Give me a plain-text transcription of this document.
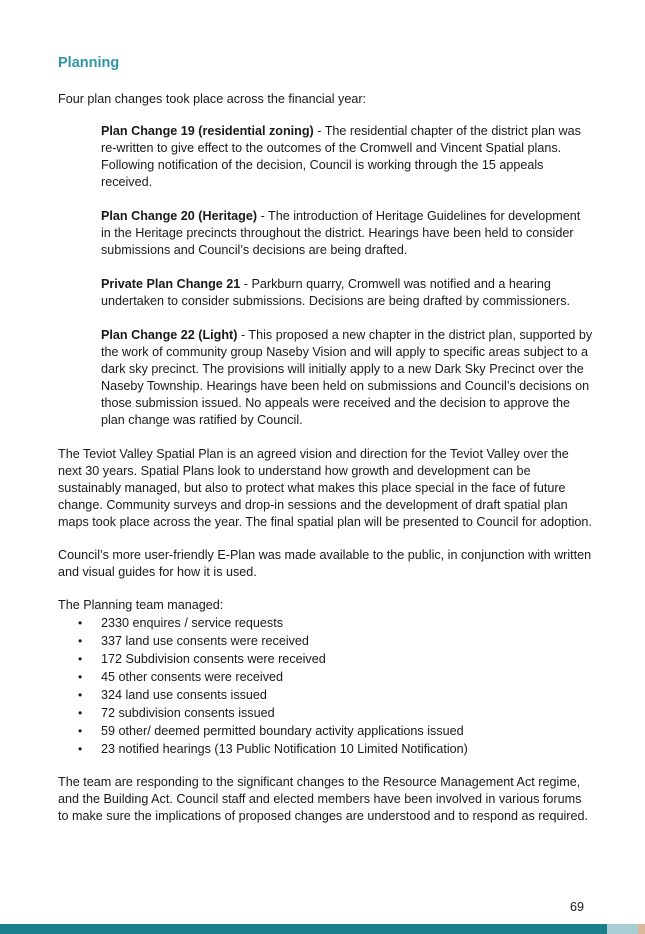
Planning

Four plan changes took place across the financial year:

Plan Change 19 (residential zoning) - The residential chapter of the district plan was re-written to give effect to the outcomes of the Cromwell and Vincent Spatial plans. Following notification of the decision, Council is working through the 15 appeals received.

Plan Change 20 (Heritage) - The introduction of Heritage Guidelines for development in the Heritage precincts throughout the district. Hearings have been held to consider submissions and Council’s decisions are being drafted.

Private Plan Change 21 - Parkburn quarry, Cromwell was notified and a hearing undertaken to consider submissions. Decisions are being drafted by commissioners.

Plan Change 22 (Light) - This proposed a new chapter in the district plan, supported by the work of community group Naseby Vision and will apply to specific areas subject to a dark sky precinct. The provisions will initially apply to a new Dark Sky Precinct over the Naseby Township. Hearings have been held on submissions and Council’s decisions on those submission issued. No appeals were received and the decision to approve the plan change was ratified by Council.

The Teviot Valley Spatial Plan is an agreed vision and direction for the Teviot Valley over the next 30 years. Spatial Plans look to understand how growth and development can be sustainably managed, but also to protect what makes this place special in the face of future change. Community surveys and drop-in sessions and the development of draft spatial plan maps took place across the year. The final spatial plan will be presented to Council for adoption.

Council’s more user-friendly E-Plan was made available to the public, in conjunction with written and visual guides for how it is used.

The Planning team managed:

• 2330 enquires / service requests
• 337 land use consents were received
• 172 Subdivision consents were received
• 45 other consents were received
• 324 land use consents issued
• 72 subdivision consents issued
• 59 other/ deemed permitted boundary activity applications issued
• 23 notified hearings (13 Public Notification 10 Limited Notification)

The team are responding to the significant changes to the Resource Management Act regime, and the Building Act. Council staff and elected members have been involved in various forums to make sure the implications of proposed changes are understood and to respond as required.

69
